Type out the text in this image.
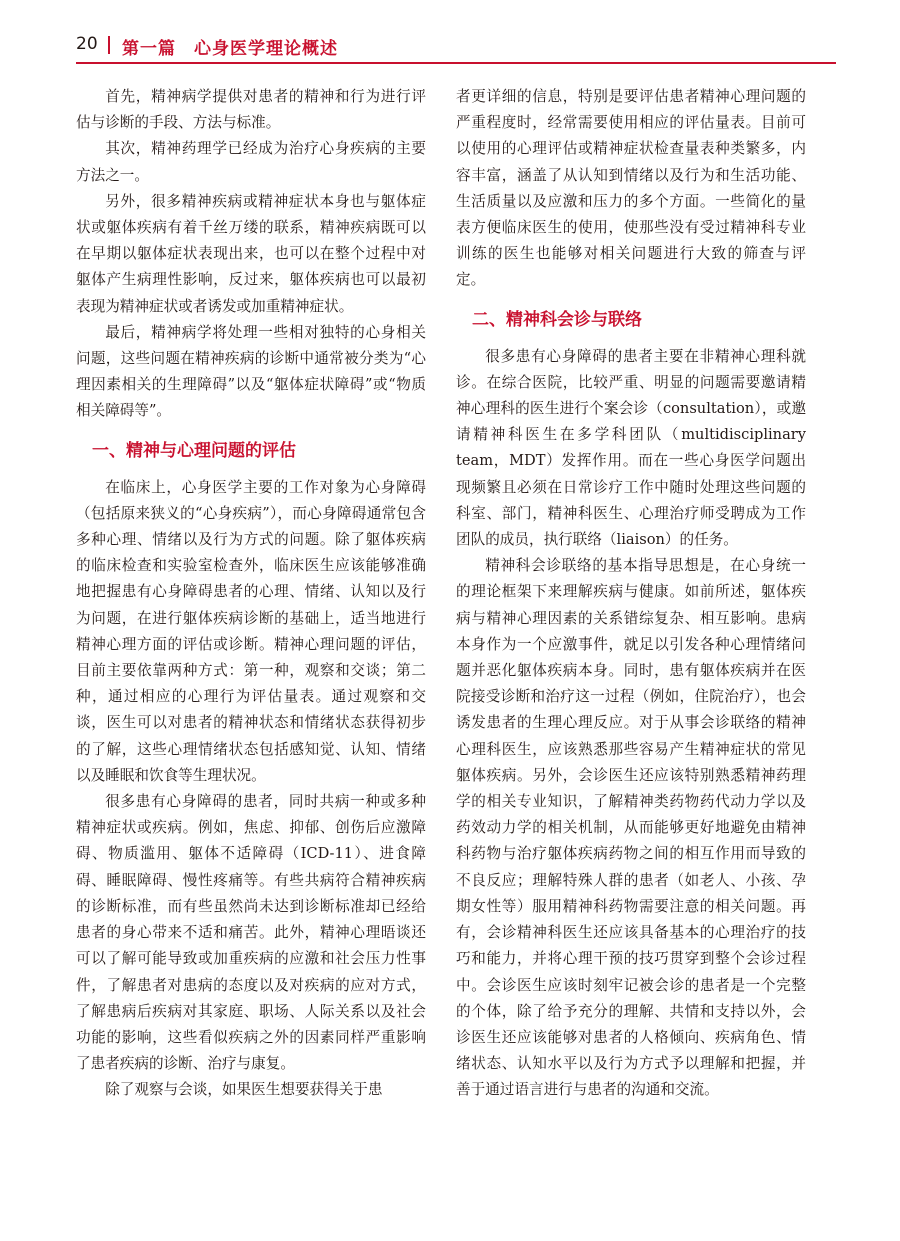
20 第一篇　心身医学理论概述

首先，精神病学提供对患者的精神和行为进行评估与诊断的手段、方法与标准。

其次，精神药理学已经成为治疗心身疾病的主要方法之一。

另外，很多精神疾病或精神症状本身也与躯体症状或躯体疾病有着千丝万缕的联系，精神疾病既可以在早期以躯体症状表现出来，也可以在整个过程中对躯体产生病理性影响，反过来，躯体疾病也可以最初表现为精神症状或者诱发或加重精神症状。

最后，精神病学将处理一些相对独特的心身相关问题，这些问题在精神疾病的诊断中通常被分类为“心理因素相关的生理障碍”以及“躯体症状障碍”或“物质相关障碍等”。

一、精神与心理问题的评估

在临床上，心身医学主要的工作对象为心身障碍（包括原来狭义的“心身疾病”），而心身障碍通常包含多种心理、情绪以及行为方式的问题。除了躯体疾病的临床检查和实验室检查外，临床医生应该能够准确地把握患有心身障碍患者的心理、情绪、认知以及行为问题，在进行躯体疾病诊断的基础上，适当地进行精神心理方面的评估或诊断。精神心理问题的评估，目前主要依靠两种方式：第一种，观察和交谈；第二种，通过相应的心理行为评估量表。通过观察和交谈，医生可以对患者的精神状态和情绪状态获得初步的了解，这些心理情绪状态包括感知觉、认知、情绪以及睡眠和饮食等生理状况。

很多患有心身障碍的患者，同时共病一种或多种精神症状或疾病。例如，焦虑、抑郁、创伤后应激障碍、物质滥用、躯体不适障碍（ICD-11）、进食障碍、睡眠障碍、慢性疼痛等。有些共病符合精神疾病的诊断标准，而有些虽然尚未达到诊断标准却已经给患者的身心带来不适和痛苦。此外，精神心理晤谈还可以了解可能导致或加重疾病的应激和社会压力性事件，了解患者对患病的态度以及对疾病的应对方式，了解患病后疾病对其家庭、职场、人际关系以及社会功能的影响，这些看似疾病之外的因素同样严重影响了患者疾病的诊断、治疗与康复。

除了观察与会谈，如果医生想要获得关于患

者更详细的信息，特别是要评估患者精神心理问题的严重程度时，经常需要使用相应的评估量表。目前可以使用的心理评估或精神症状检查量表种类繁多，内容丰富，涵盖了从认知到情绪以及行为和生活功能、生活质量以及应激和压力的多个方面。一些简化的量表方便临床医生的使用，使那些没有受过精神科专业训练的医生也能够对相关问题进行大致的筛查与评定。

二、精神科会诊与联络

很多患有心身障碍的患者主要在非精神心理科就诊。在综合医院，比较严重、明显的问题需要邀请精神心理科的医生进行个案会诊（consultation），或邀请精神科医生在多学科团队（multidisciplinary team，MDT）发挥作用。而在一些心身医学问题出现频繁且必须在日常诊疗工作中随时处理这些问题的科室、部门，精神科医生、心理治疗师受聘成为工作团队的成员，执行联络（liaison）的任务。

精神科会诊联络的基本指导思想是，在心身统一的理论框架下来理解疾病与健康。如前所述，躯体疾病与精神心理因素的关系错综复杂、相互影响。患病本身作为一个应激事件，就足以引发各种心理情绪问题并恶化躯体疾病本身。同时，患有躯体疾病并在医院接受诊断和治疗这一过程（例如，住院治疗），也会诱发患者的生理心理反应。对于从事会诊联络的精神心理科医生，应该熟悉那些容易产生精神症状的常见躯体疾病。另外，会诊医生还应该特别熟悉精神药理学的相关专业知识，了解精神类药物药代动力学以及药效动力学的相关机制，从而能够更好地避免由精神科药物与治疗躯体疾病药物之间的相互作用而导致的不良反应；理解特殊人群的患者（如老人、小孩、孕期女性等）服用精神科药物需要注意的相关问题。再有，会诊精神科医生还应该具备基本的心理治疗的技巧和能力，并将心理干预的技巧贯穿到整个会诊过程中。会诊医生应该时刻牢记被会诊的患者是一个完整的个体，除了给予充分的理解、共情和支持以外，会诊医生还应该能够对患者的人格倾向、疾病角色、情绪状态、认知水平以及行为方式予以理解和把握，并善于通过语言进行与患者的沟通和交流。
